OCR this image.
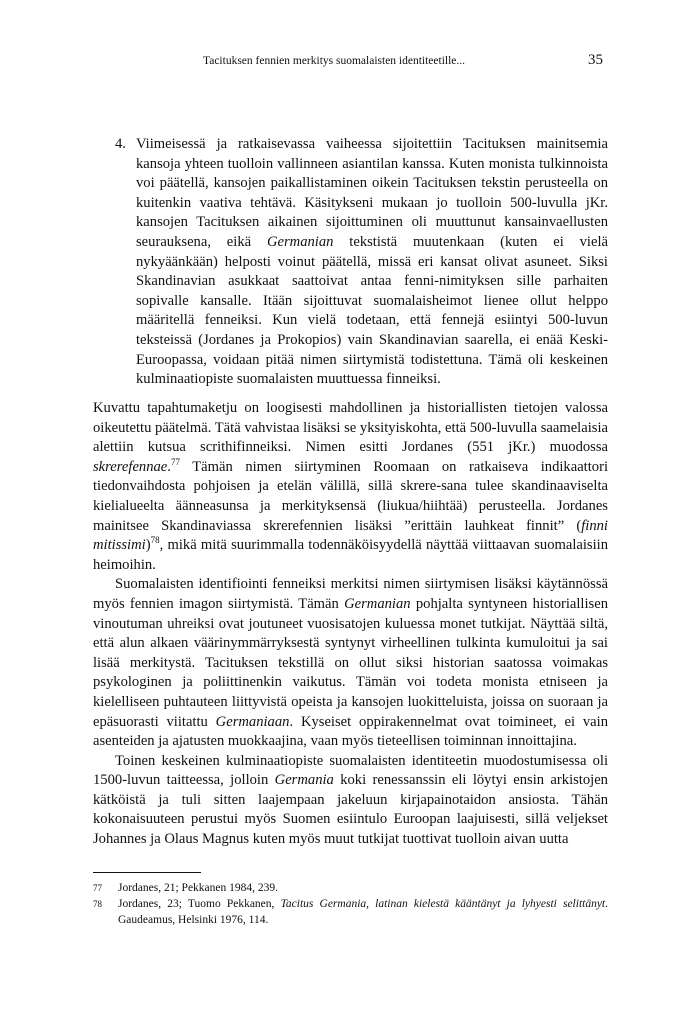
Tacituksen fennien merkitys suomalaisten identiteetille...	35
4. Viimeisessä ja ratkaisevassa vaiheessa sijoitettiin Tacituksen mainitsemia kansoja yhteen tuolloin vallinneen asiantilan kanssa. Kuten monista tulkinnoista voi päätellä, kansojen paikallistaminen oikein Tacituksen tekstin perusteella on kuitenkin vaativa tehtävä. Käsitykseni mukaan jo tuolloin 500-luvulla jKr. kansojen Tacituksen aikainen sijoittuminen oli muuttunut kansainvaellusten seurauksena, eikä Germanian tekstistä muutenkaan (kuten ei vielä nykyäänkään) helposti voinut päätellä, missä eri kansat olivat asuneet. Siksi Skandinavian asukkaat saattoivat antaa fenni-nimityksen sille parhaiten sopivalle kansalle. Itään sijoittuvat suomalaisheimot lienee ollut helppo määritellä fenneiksi. Kun vielä todetaan, että fennejä esiintyi 500-luvun teksteissä (Jordanes ja Prokopios) vain Skandinavian saarella, ei enää Keski-Euroopassa, voidaan pitää nimen siirtymistä todistettuna. Tämä oli keskeinen kulminaatiopiste suomalaisten muuttuessa finneiksi.

Kuvattu tapahtumaketju on loogisesti mahdollinen ja historiallisten tietojen valossa oikeutettu päätelmä. Tätä vahvistaa lisäksi se yksityiskohta, että 500-luvulla saamelaisia alettiin kutsua scrithifinneiksi. Nimen esitti Jordanes (551 jKr.) muodossa skrerefennae.$^{77}$ Tämän nimen siirtyminen Roomaan on ratkaiseva indikaattori tiedonvaihdosta pohjoisen ja etelän välillä, sillä skrere-sana tulee skandinaaviselta kielialueelta äänneasunsa ja merkityksensä (liukua/hiihtää) perusteella. Jordanes mainitsee Skandinaviassa skrerefennien lisäksi ”erittäin lauhkeat finnit” (finni mitissimi)$^{78}$, mikä mitä suurimmalla todennäköisyydellä näyttää viittaavan suomalaisiin heimoihin.

Suomalaisten identifiointi fenneiksi merkitsi nimen siirtymisen lisäksi käytännössä myös fennien imagon siirtymistä. Tämän Germanian pohjalta syntyneen historiallisen vinoutuman uhreiksi ovat joutuneet vuosisatojen kuluessa monet tutkijat. Näyttää siltä, että alun alkaen väärinymmärryksestä syntynyt virheellinen tulkinta kumuloitui ja sai lisää merkitystä. Tacituksen tekstillä on ollut siksi historian saatossa voimakas psykologinen ja poliittinenkin vaikutus. Tämän voi todeta monista etniseen ja kielelliseen puhtauteen liittyvistä opeista ja kansojen luokitteluista, joissa on suoraan ja epäsuorasti viitattu Germaniaan. Kyseiset oppirakennelmat ovat toimineet, ei vain asenteiden ja ajatusten muokkaajina, vaan myös tieteellisen toiminnan innoittajina.

Toinen keskeinen kulminaatiopiste suomalaisten identiteetin muodostumisessa oli 1500-luvun taitteessa, jolloin Germania koki renessanssin eli löytyi ensin arkistojen kätköistä ja tuli sitten laajempaan jakeluun kirjapainotaidon ansiosta. Tähän kokonaisuuteen perustui myös Suomen esiintulo Euroopan laajuisesti, sillä veljekset Johannes ja Olaus Magnus kuten myös muut tutkijat tuottivat tuolloin aivan uutta

77 Jordanes, 21; Pekkanen 1984, 239.
78 Jordanes, 23; Tuomo Pekkanen, Tacitus Germania, latinan kielestä kääntänyt ja lyhyesti selittänyt. Gaudeamus, Helsinki 1976, 114.
